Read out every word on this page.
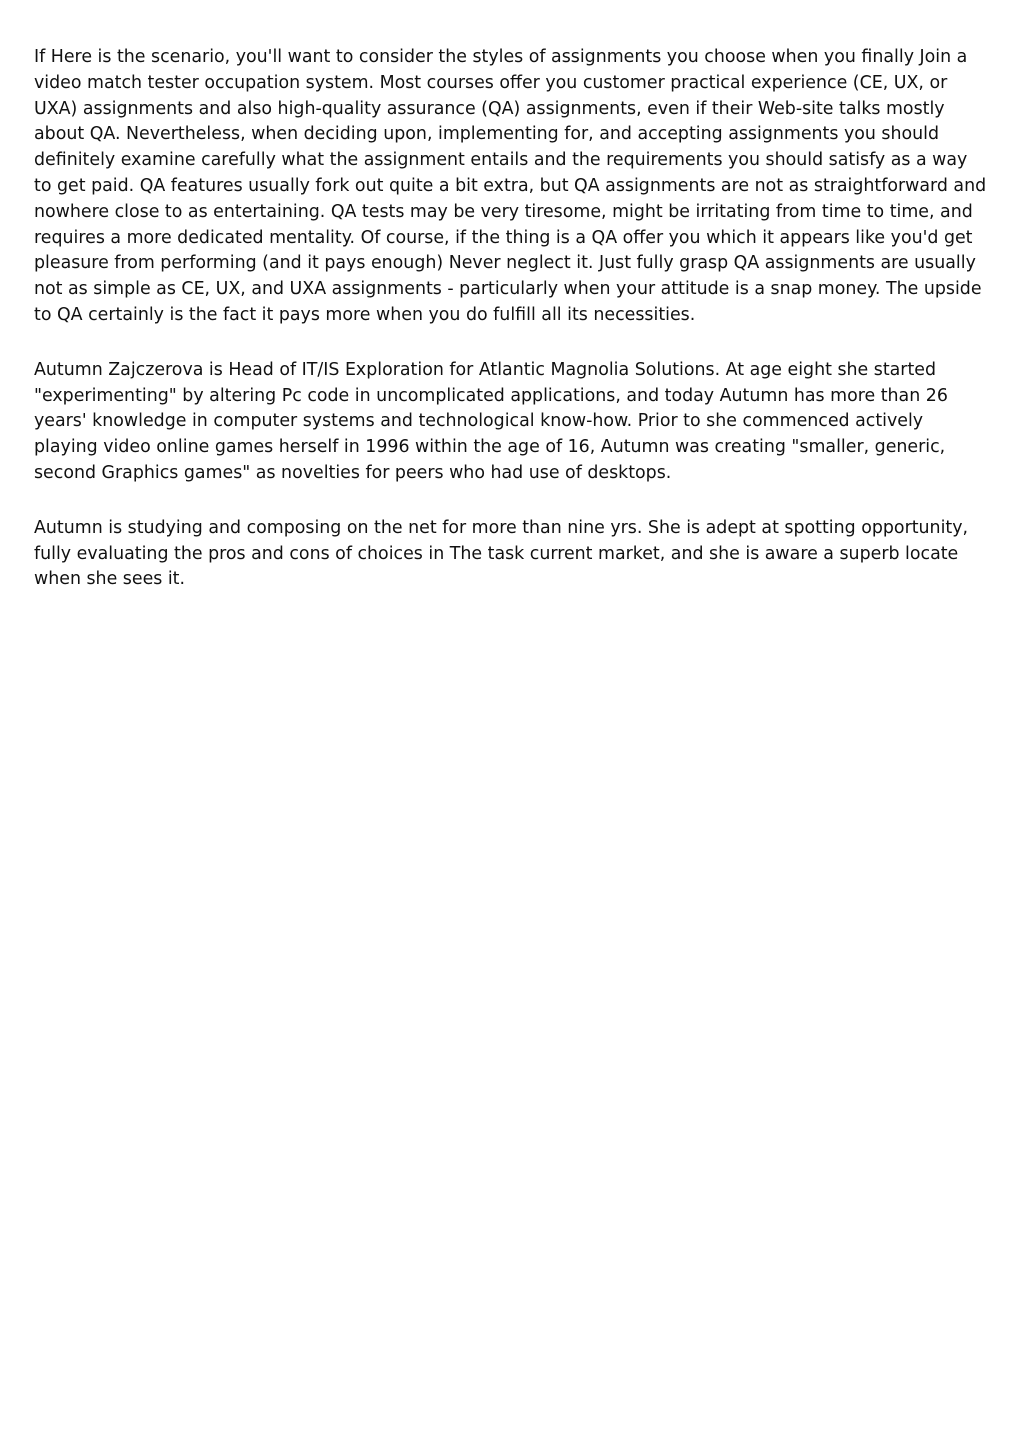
If Here is the scenario, you'll want to consider the styles of assignments you choose when you finally Join a video match tester occupation system. Most courses offer you customer practical experience (CE, UX, or UXA) assignments and also high-quality assurance (QA) assignments, even if their Web-site talks mostly about QA. Nevertheless, when deciding upon, implementing for, and accepting assignments you should definitely examine carefully what the assignment entails and the requirements you should satisfy as a way to get paid. QA features usually fork out quite a bit extra, but QA assignments are not as straightforward and nowhere close to as entertaining. QA tests may be very tiresome, might be irritating from time to time, and requires a more dedicated mentality. Of course, if the thing is a QA offer you which it appears like you'd get pleasure from performing (and it pays enough) Never neglect it. Just fully grasp QA assignments are usually not as simple as CE, UX, and UXA assignments - particularly when your attitude is a snap money. The upside to QA certainly is the fact it pays more when you do fulfill all its necessities.

Autumn Zajczerova is Head of IT/IS Exploration for Atlantic Magnolia Solutions. At age eight she started "experimenting" by altering Pc code in uncomplicated applications, and today Autumn has more than 26 years' knowledge in computer systems and technological know-how. Prior to she commenced actively playing video online games herself in 1996 within the age of 16, Autumn was creating "smaller, generic, second Graphics games" as novelties for peers who had use of desktops.

Autumn is studying and composing on the net for more than nine yrs. She is adept at spotting opportunity, fully evaluating the pros and cons of choices in The task current market, and she is aware a superb locate when she sees it.
